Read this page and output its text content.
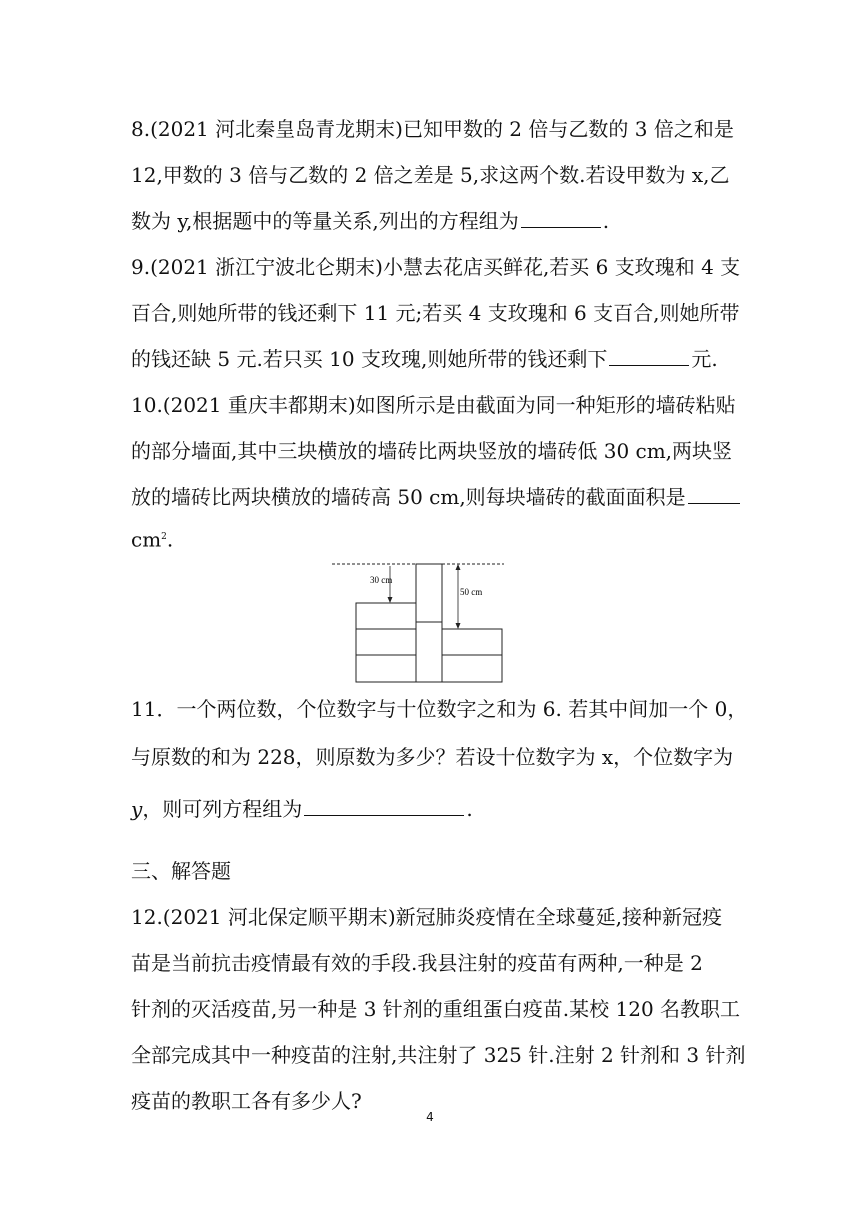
8.(2021 河北秦皇岛青龙期末)已知甲数的 2 倍与乙数的 3 倍之和是
12,甲数的 3 倍与乙数的 2 倍之差是 5,求这两个数.若设甲数为 x,乙
数为 y,根据题中的等量关系,列出的方程组为	.
9.(2021 浙江宁波北仑期末)小慧去花店买鲜花,若买 6 支玫瑰和 4 支
百合,则她所带的钱还剩下 11 元;若买 4 支玫瑰和 6 支百合,则她所带
的钱还缺 5 元.若只买 10 支玫瑰,则她所带的钱还剩下	元.
10.(2021 重庆丰都期末)如图所示是由截面为同一种矩形的墙砖粘贴
的部分墙面,其中三块横放的墙砖比两块竖放的墙砖低 30 cm,两块竖
放的墙砖比两块横放的墙砖高 50 cm,则每块墙砖的截面面积是
$cm^2$.
30 cm
50 cm
11．一个两位数，个位数字与十位数字之和为 6. 若其中间加一个 0，
与原数的和为 228，则原数为多少？若设十位数字为 x，个位数字为
y，则可列方程组为	.
三、解答题
12.(2021 河北保定顺平期末)新冠肺炎疫情在全球蔓延,接种新冠疫
苗是当前抗击疫情最有效的手段.我县注射的疫苗有两种,一种是 2
针剂的灭活疫苗,另一种是 3 针剂的重组蛋白疫苗.某校 120 名教职工
全部完成其中一种疫苗的注射,共注射了 325 针.注射 2 针剂和 3 针剂
疫苗的教职工各有多少人?
4
